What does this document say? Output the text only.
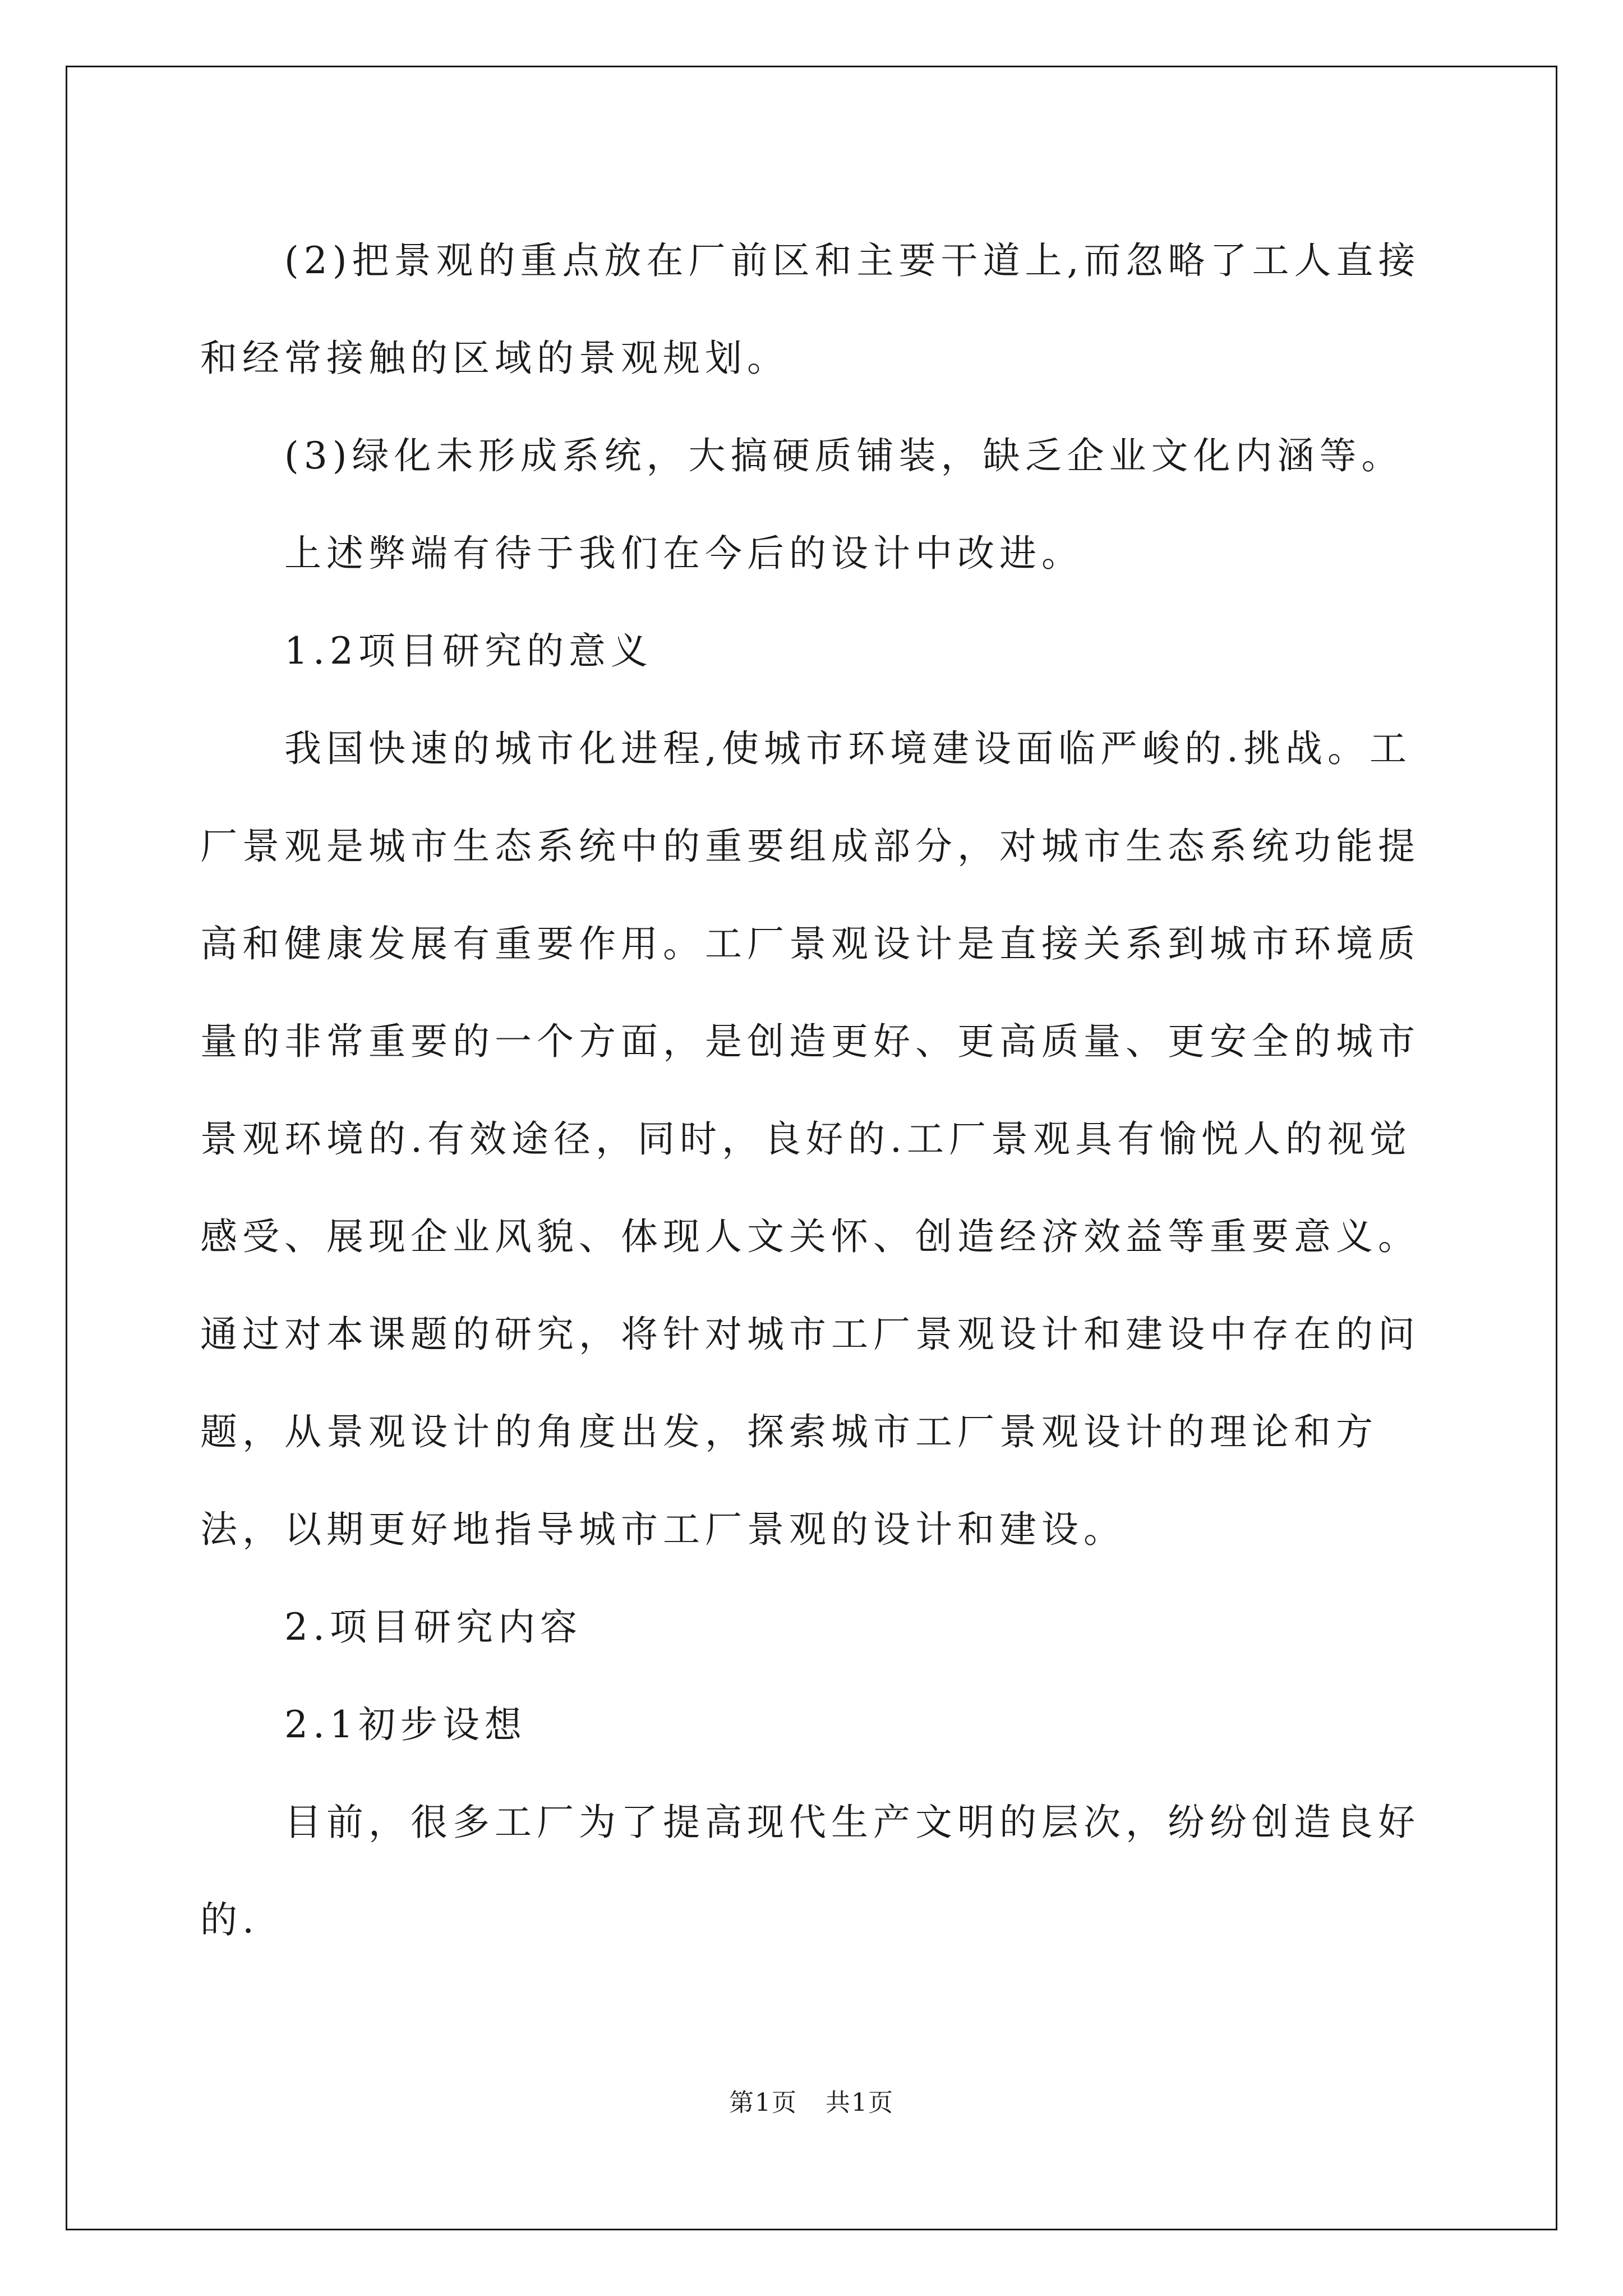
(2)把景观的重点放在厂前区和主要干道上,而忽略了工人直接和经常接触的区域的景观规划。

(3)绿化未形成系统，大搞硬质铺装，缺乏企业文化内涵等。

上述弊端有待于我们在今后的设计中改进。

1.2项目研究的意义

我国快速的城市化进程,使城市环境建设面临严峻的.挑战。工厂景观是城市生态系统中的重要组成部分，对城市生态系统功能提高和健康发展有重要作用。工厂景观设计是直接关系到城市环境质量的非常重要的一个方面，是创造更好、更高质量、更安全的城市景观环境的.有效途径，同时，良好的.工厂景观具有愉悦人的视觉感受、展现企业风貌、体现人文关怀、创造经济效益等重要意义。通过对本课题的研究，将针对城市工厂景观设计和建设中存在的问题，从景观设计的角度出发，探索城市工厂景观设计的理论和方法，以期更好地指导城市工厂景观的设计和建设。

2.项目研究内容

2.1初步设想

目前，很多工厂为了提高现代生产文明的层次，纷纷创造良好的.

第1页 共1页
